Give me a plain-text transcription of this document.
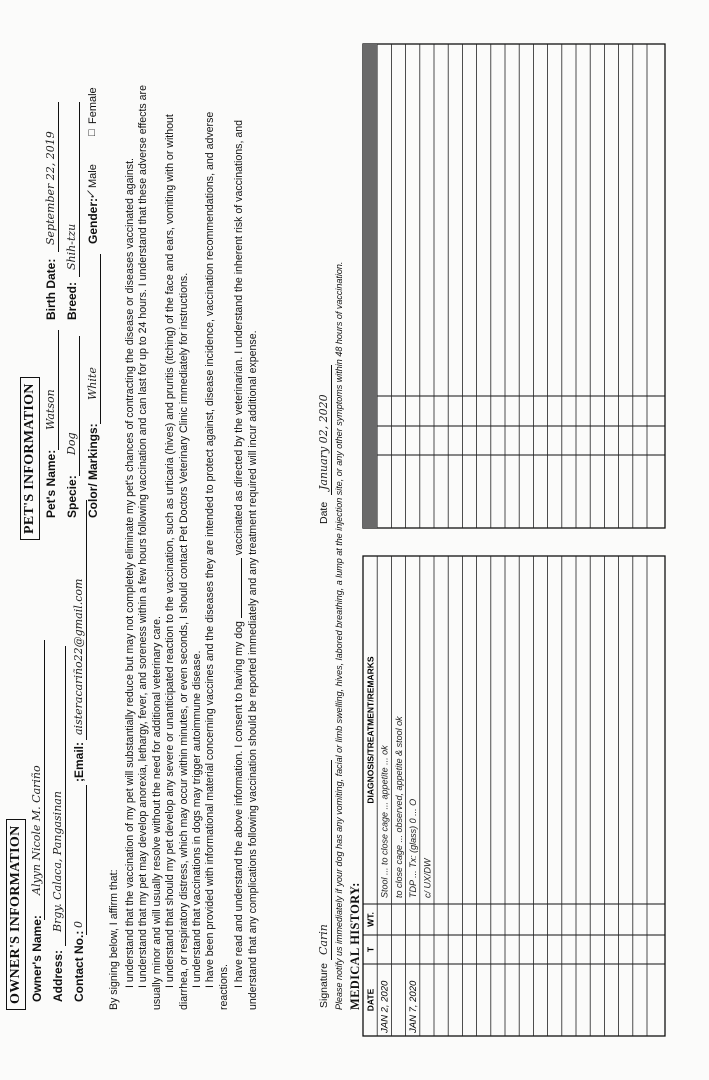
OWNER'S INFORMATION Owner's Name:
Alyyn Nicole M. Cariño
Address:
Brgy. Calaca, Pangasinan
Contact No.:
0
;Email:
aisteracariño22@gmail.com
PET'S INFORMATION Pet's Name:
Watson
Birth Date:
September 22, 2019
Specie:
Dog
Breed:
Shih-tzu
Color/ Markings:
White
Gender:
✓
Male
□
Female
By signing below, I affirm that: I understand that the vaccination of my pet will substantially reduce but may not completely eliminate my pet's chances of contracting the disease or diseases vaccinated against. I understand that my pet may develop anorexia, lethargy, fever, and soreness within a few hours following vaccination and can last for up to 24 hours. I understand that these adverse effects are usually minor and will usually resolve without the need for additional veterinary care. I understand that should my pet develop any severe or unanticipated reaction to the vaccination, such as urticaria (hives) and pruritis (itching) of the face and ears, vomiting with or without diarrhea, or respiratory distress, which may occur within minutes, or even seconds, I should contact Pet Doctors Veterinary Clinic immediately for instructions. I understand that vaccinations in dogs may trigger autoimmune disease. I have been provided with informational material concerning vaccines and the diseases they are intended to protect against, disease incidence, vaccination recommendations, and adverse reactions. I have read and understand the above information. I consent to having my dog  vaccinated as directed by the veterinarian. I understand the inherent risk of vaccinations, and understand that any complications following vaccination should be reported immediately and any treatment required will incur additional expense.	Signature
Carin
Date
January 02, 2020 Please notify us immediately if your dog has any vomiting, facial or limb swelling, hives, labored breathing, a lump at the injection site, or any other symptoms within 48 hours of vaccination. MEDICAL HISTORY: DATE
T
WT.
DIAGNOSIS/TREATMENT/REMARKS
JAN 2, 2020
Stool ... to close cage ... appetite ... ok to close cage ... observed, appetite & stool ok
JAN 7, 2020
TDP ... Tx: (glass) 0 ... O c/ UX/DW
